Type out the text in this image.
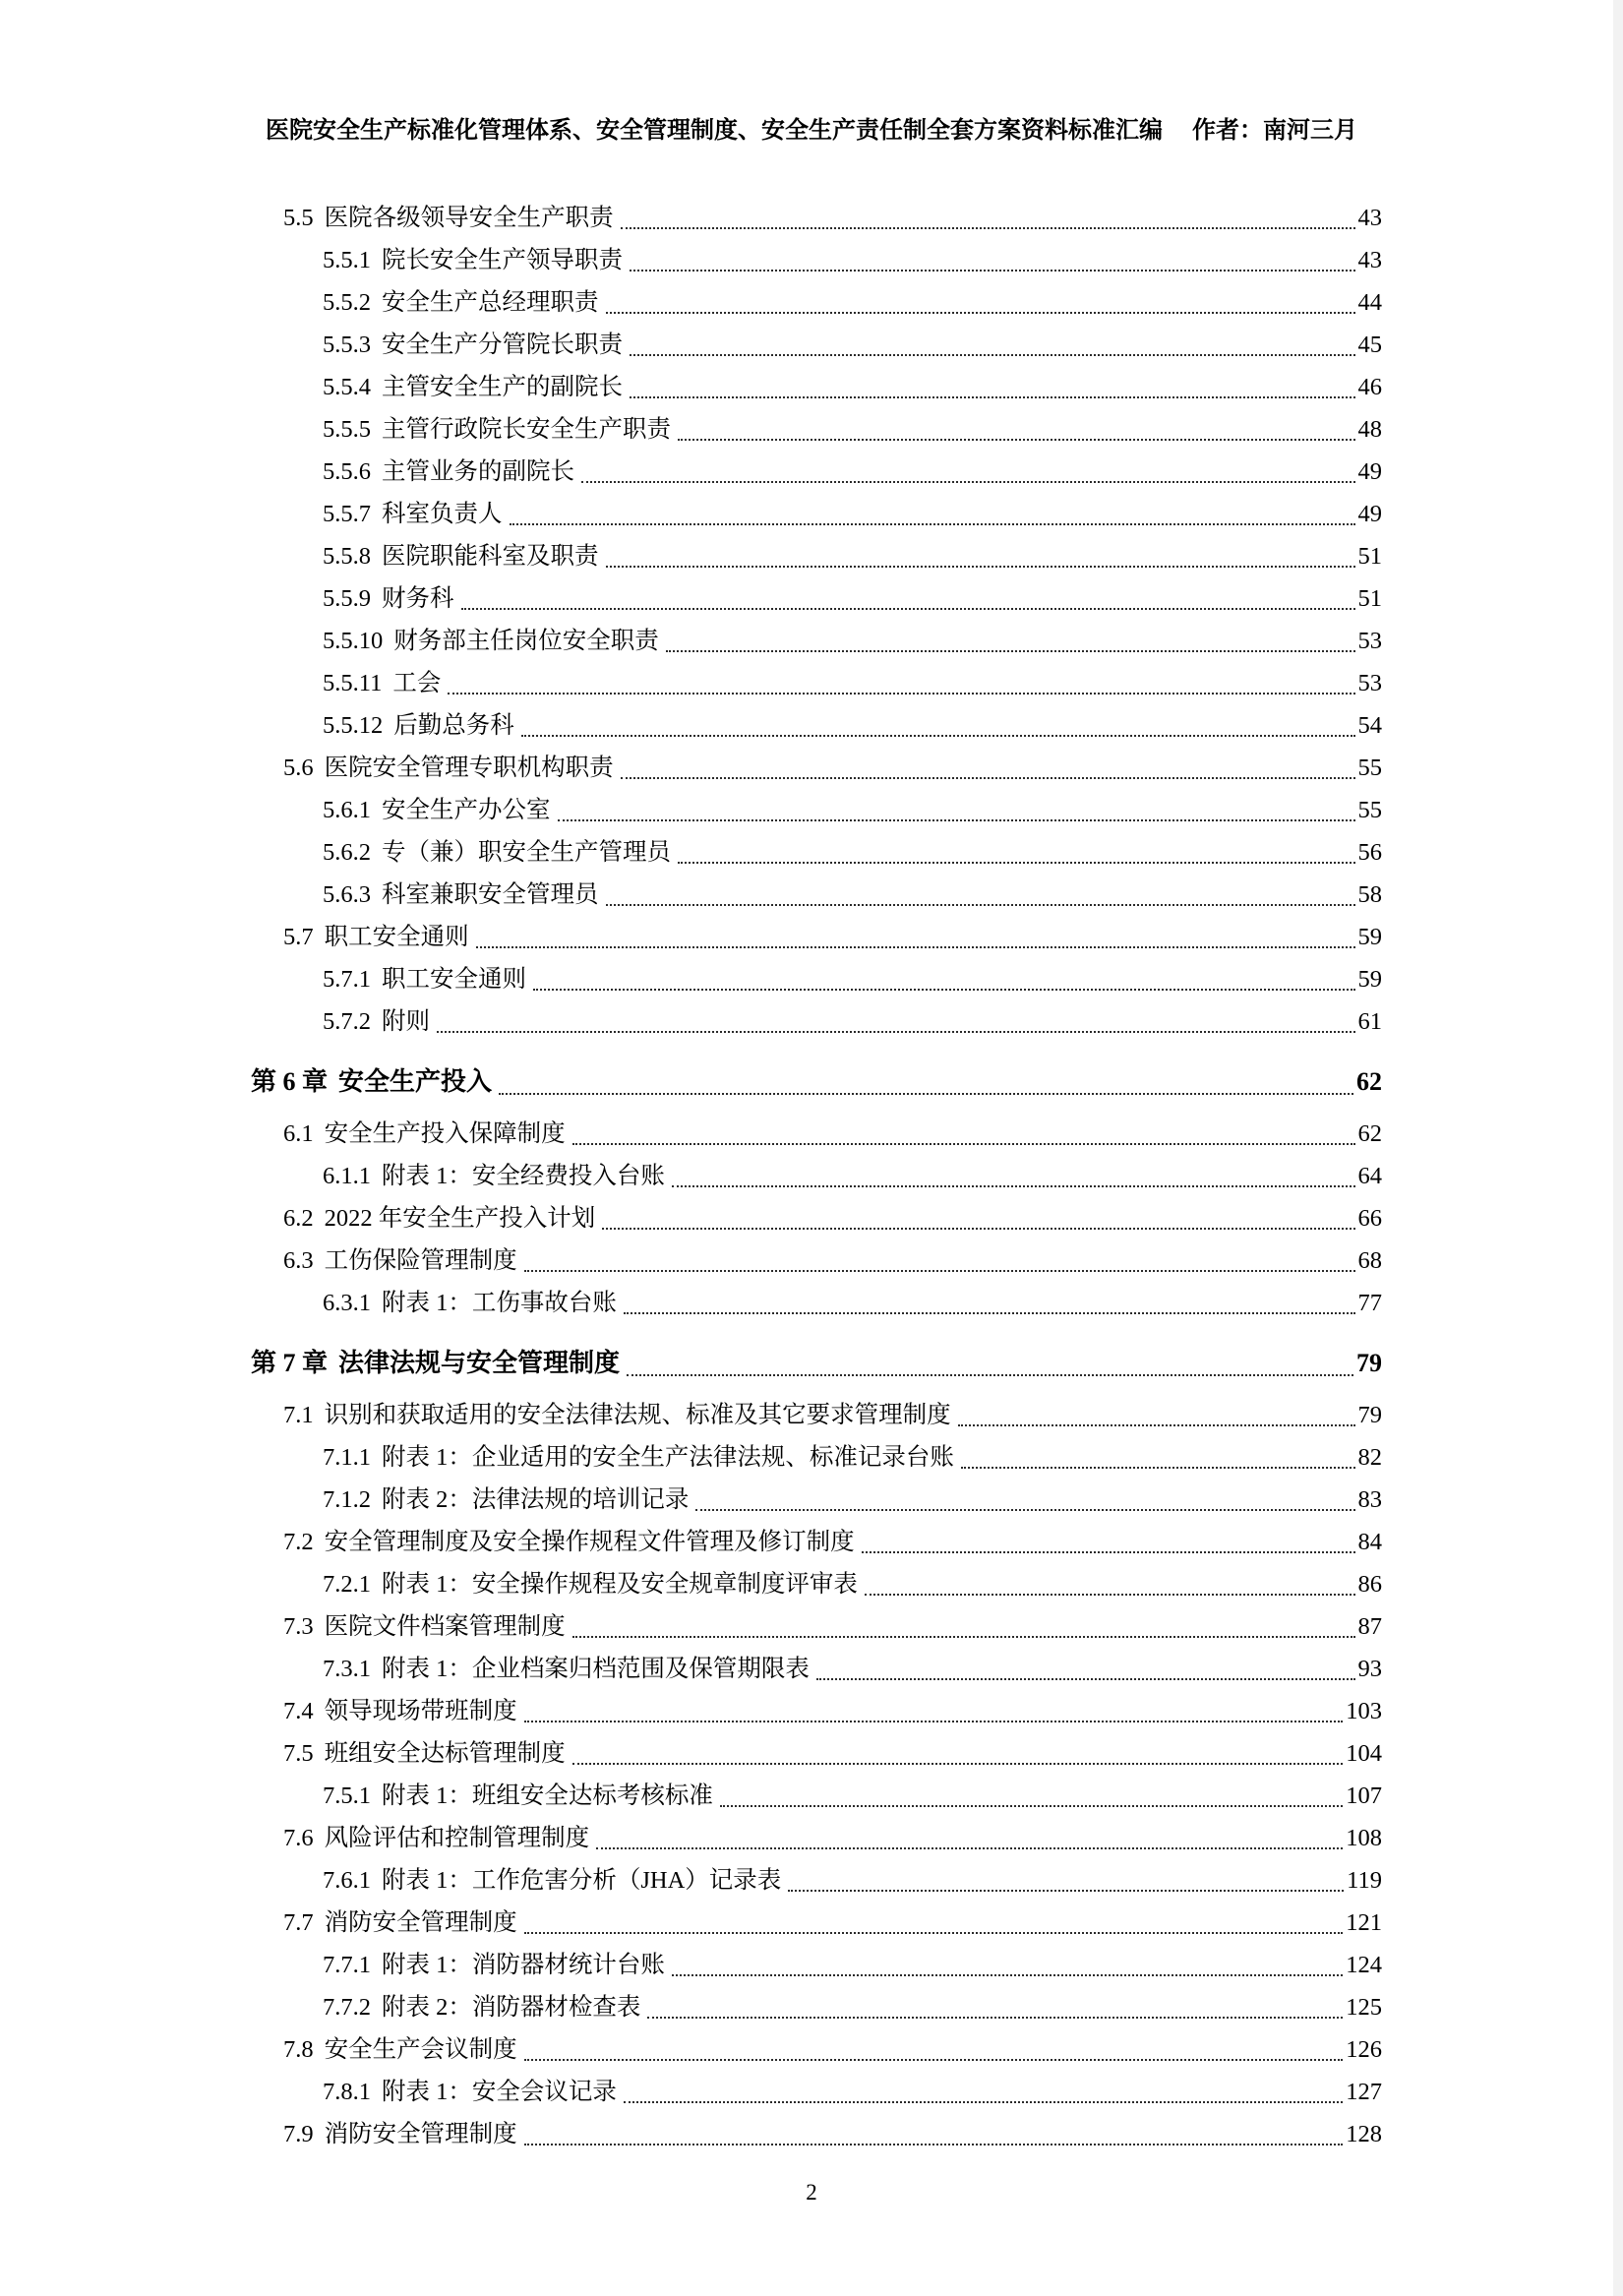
医院安全生产标准化管理体系、安全管理制度、安全生产责任制全套方案资料标准汇编 作者：南河三月
5.5 医院各级领导安全生产职责	43
5.5.1 院长安全生产领导职责	43
5.5.2 安全生产总经理职责	44
5.5.3 安全生产分管院长职责	45
5.5.4 主管安全生产的副院长	46
5.5.5 主管行政院长安全生产职责	48
5.5.6 主管业务的副院长	49
5.5.7 科室负责人	49
5.5.8 医院职能科室及职责	51
5.5.9 财务科	51
5.5.10 财务部主任岗位安全职责	53
5.5.11 工会	53
5.5.12 后勤总务科	54
5.6 医院安全管理专职机构职责	55
5.6.1 安全生产办公室	55
5.6.2 专（兼）职安全生产管理员	56
5.6.3 科室兼职安全管理员	58
5.7 职工安全通则	59
5.7.1 职工安全通则	59
5.7.2 附则	61
第 6 章 安全生产投入	62
6.1 安全生产投入保障制度	62
6.1.1 附表 1：安全经费投入台账	64
6.2 2022 年安全生产投入计划	66
6.3 工伤保险管理制度	68
6.3.1 附表 1：工伤事故台账	77
第 7 章 法律法规与安全管理制度	79
7.1 识别和获取适用的安全法律法规、标准及其它要求管理制度	79
7.1.1 附表 1：企业适用的安全生产法律法规、标准记录台账	82
7.1.2 附表 2：法律法规的培训记录	83
7.2 安全管理制度及安全操作规程文件管理及修订制度	84
7.2.1 附表 1：安全操作规程及安全规章制度评审表	86
7.3 医院文件档案管理制度	87
7.3.1 附表 1：企业档案归档范围及保管期限表	93
7.4 领导现场带班制度	103
7.5 班组安全达标管理制度	104
7.5.1 附表 1：班组安全达标考核标准	107
7.6 风险评估和控制管理制度	108
7.6.1 附表 1：工作危害分析（JHA）记录表	119
7.7 消防安全管理制度	121
7.7.1 附表 1：消防器材统计台账	124
7.7.2 附表 2：消防器材检查表	125
7.8 安全生产会议制度	126
7.8.1 附表 1：安全会议记录	127
7.9 消防安全管理制度	128
2
